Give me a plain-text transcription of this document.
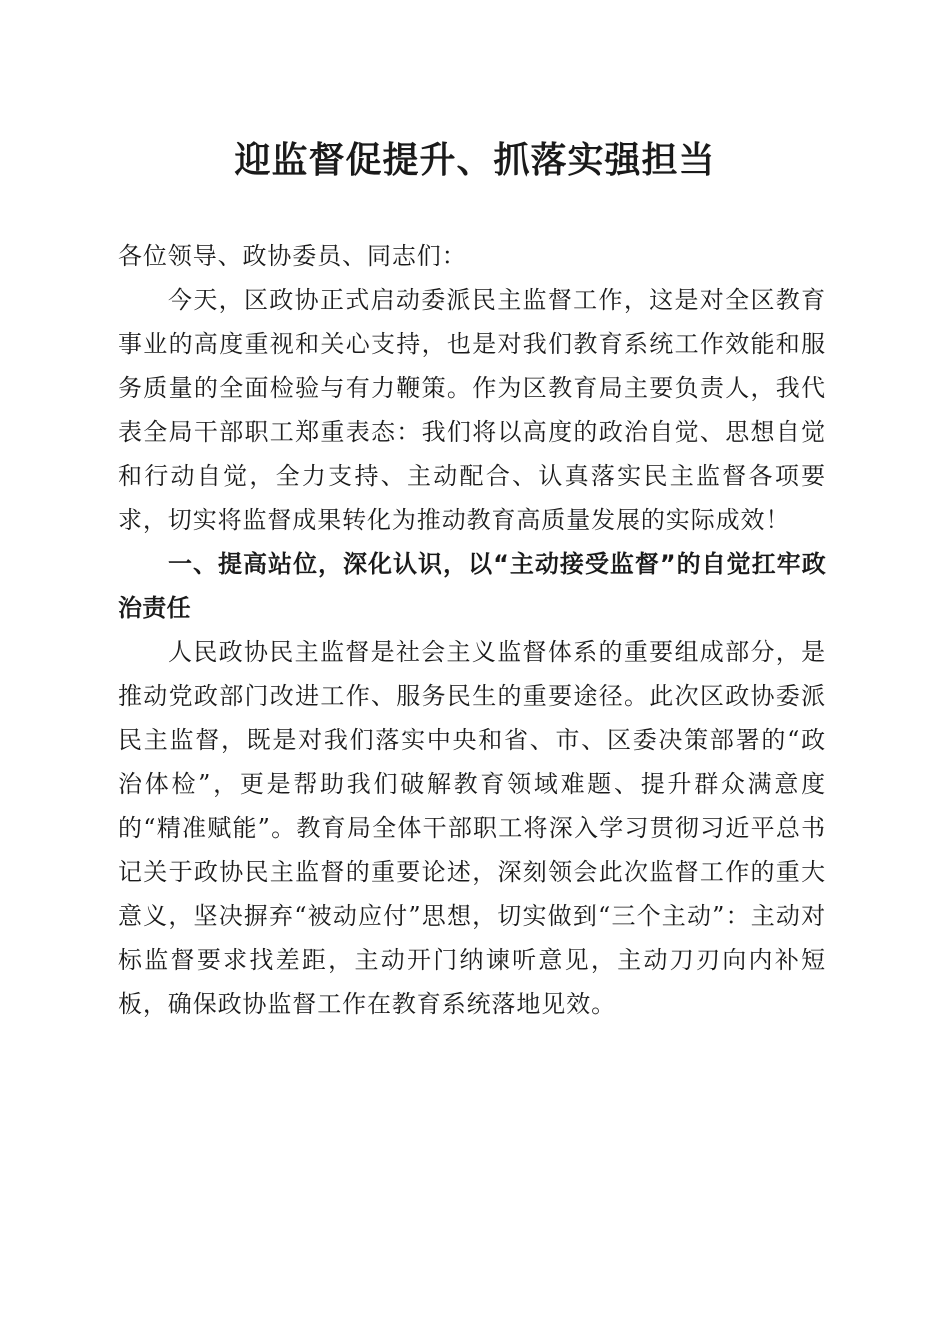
迎监督促提升、抓落实强担当

各位领导、政协委员、同志们：

今天，区政协正式启动委派民主监督工作，这是对全区教育事业的高度重视和关心支持，也是对我们教育系统工作效能和服务质量的全面检验与有力鞭策。作为区教育局主要负责人，我代表全局干部职工郑重表态：我们将以高度的政治自觉、思想自觉和行动自觉，全力支持、主动配合、认真落实民主监督各项要求，切实将监督成果转化为推动教育高质量发展的实际成效！

一、提高站位，深化认识，以“主动接受监督”的自觉扛牢政治责任

人民政协民主监督是社会主义监督体系的重要组成部分，是推动党政部门改进工作、服务民生的重要途径。此次区政协委派民主监督，既是对我们落实中央和省、市、区委决策部署的“政治体检”，更是帮助我们破解教育领域难题、提升群众满意度的“精准赋能”。教育局全体干部职工将深入学习贯彻习近平总书记关于政协民主监督的重要论述，深刻领会此次监督工作的重大意义，坚决摒弃“被动应付”思想，切实做到“三个主动”：主动对标监督要求找差距，主动开门纳谏听意见，主动刀刃向内补短板，确保政协监督工作在教育系统落地见效。
